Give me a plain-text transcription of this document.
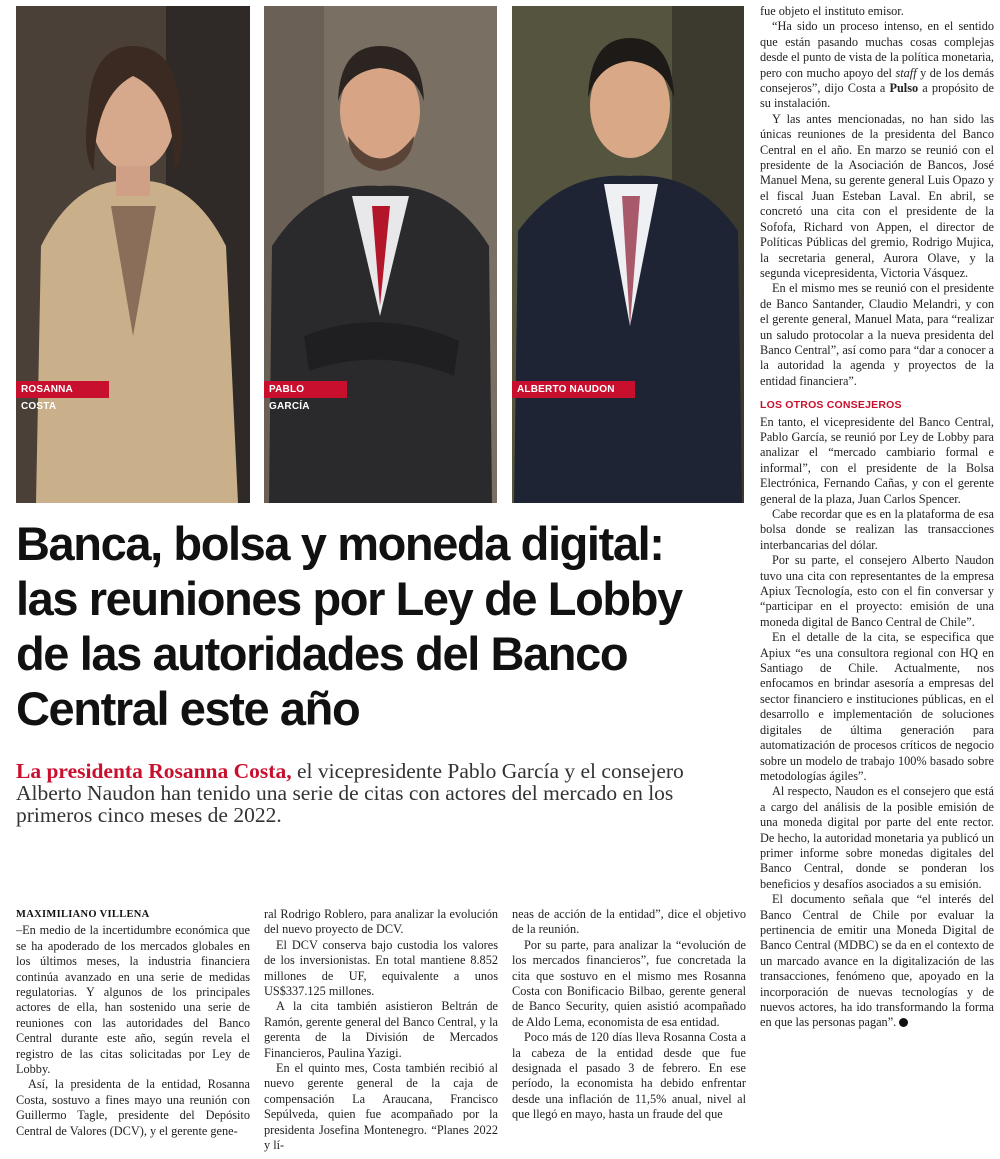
ROSANNA COSTA
PABLO GARCÍA
ALBERTO NAUDON
Banca, bolsa y moneda digital: las reuniones por Ley de Lobby de las autoridades del Banco Central este año

La presidenta Rosanna Costa, el vicepresidente Pablo García y el consejero Alberto Naudon han tenido una serie de citas con actores del mercado en los primeros cinco meses de 2022.

MAXIMILIANO VILLENA

–En medio de la incertidumbre económica que se ha apoderado de los mercados globales en los últimos meses, la industria financiera continúa avanzado en una serie de medidas regulatorias. Y algunos de los principales actores de ella, han sostenido una serie de reuniones con las autoridades del Banco Central durante este año, según revela el registro de las citas solicitadas por Ley de Lobby.

Así, la presidenta de la entidad, Rosanna Costa, sostuvo a fines mayo una reunión con Guillermo Tagle, presidente del Depósito Central de Valores (DCV), y el gerente gene-

ral Rodrigo Roblero, para analizar la evolución del nuevo proyecto de DCV.

El DCV conserva bajo custodia los valores de los inversionistas. En total mantiene 8.852 millones de UF, equivalente a unos US$337.125 millones.

A la cita también asistieron Beltrán de Ramón, gerente general del Banco Central, y la gerenta de la División de Mercados Financieros, Paulina Yazigi.

En el quinto mes, Costa también recibió al nuevo gerente general de la caja de compensación La Araucana, Francisco Sepúlveda, quien fue acompañado por la presidenta Josefina Montenegro. “Planes 2022 y lí-

neas de acción de la entidad”, dice el objetivo de la reunión.

Por su parte, para analizar la “evolución de los mercados financieros”, fue concretada la cita que sostuvo en el mismo mes Rosanna Costa con Bonificacio Bilbao, gerente general de Banco Security, quien asistió acompañado de Aldo Lema, economista de esa entidad.

Poco más de 120 días lleva Rosanna Costa a la cabeza de la entidad desde que fue designada el pasado 3 de febrero. En ese período, la economista ha debido enfrentar desde una inflación de 11,5% anual, nivel al que llegó en mayo, hasta un fraude del que

fue objeto el instituto emisor.

“Ha sido un proceso intenso, en el sentido que están pasando muchas cosas complejas desde el punto de vista de la política monetaria, pero con mucho apoyo del staff y de los demás consejeros”, dijo Costa a Pulso a propósito de su instalación.

Y las antes mencionadas, no han sido las únicas reuniones de la presidenta del Banco Central en el año. En marzo se reunió con el presidente de la Asociación de Bancos, José Manuel Mena, su gerente general Luis Opazo y el fiscal Juan Esteban Laval. En abril, se concretó una cita con el presidente de la Sofofa, Richard von Appen, el director de Políticas Públicas del gremio, Rodrigo Mujica, la secretaria general, Aurora Olave, y la segunda vicepresidenta, Victoria Vásquez.

En el mismo mes se reunió con el presidente de Banco Santander, Claudio Melandri, y con el gerente general, Manuel Mata, para “realizar un saludo protocolar a la nueva presidenta del Banco Central”, así como para “dar a conocer a la autoridad la agenda y proyectos de la entidad financiera”.

LOS OTROS CONSEJEROS

En tanto, el vicepresidente del Banco Central, Pablo García, se reunió por Ley de Lobby para analizar el “mercado cambiario formal e informal”, con el presidente de la Bolsa Electrónica, Fernando Cañas, y con el gerente general de la plaza, Juan Carlos Spencer.

Cabe recordar que es en la plataforma de esa bolsa donde se realizan las transacciones interbancarias del dólar.

Por su parte, el consejero Alberto Naudon tuvo una cita con representantes de la empresa Apiux Tecnología, esto con el fin conversar y “participar en el proyecto: emisión de una moneda digital de Banco Central de Chile”.

En el detalle de la cita, se especifica que Apiux “es una consultora regional con HQ en Santiago de Chile. Actualmente, nos enfocamos en brindar asesoría a empresas del sector financiero e instituciones públicas, en el desarrollo e implementación de soluciones digitales de última generación para automatización de procesos críticos de negocio sobre un modelo de trabajo 100% basado sobre metodologías ágiles”.

Al respecto, Naudon es el consejero que está a cargo del análisis de la posible emisión de una moneda digital por parte del ente rector. De hecho, la autoridad monetaria ya publicó un primer informe sobre monedas digitales del Banco Central, donde se ponderan los beneficios y desafíos asociados a su emisión.

El documento señala que “el interés del Banco Central de Chile por evaluar la pertinencia de emitir una Moneda Digital de Banco Central (MDBC) se da en el contexto de un marcado avance en la digitalización de las transacciones, fenómeno que, apoyado en la incorporación de nuevas tecnologías y de nuevos actores, ha ido transformando la forma en que las personas pagan”.
